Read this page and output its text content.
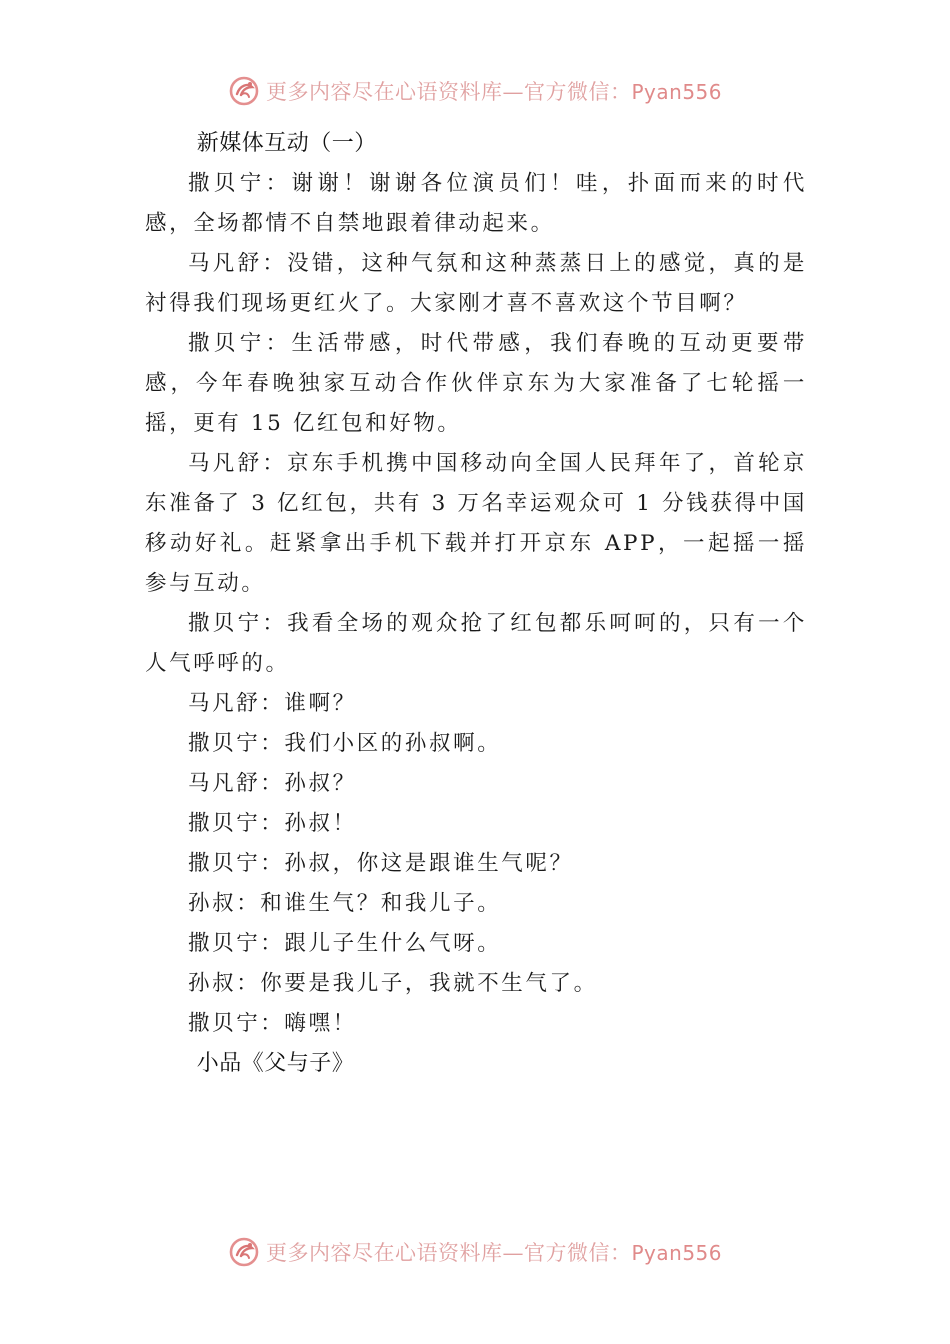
更多内容尽在心语资料库—官方微信：Pyan556

新媒体互动（一）

撒贝宁：谢谢！谢谢各位演员们！哇，扑面而来的时代感，全场都情不自禁地跟着律动起来。

马凡舒：没错，这种气氛和这种蒸蒸日上的感觉，真的是衬得我们现场更红火了。大家刚才喜不喜欢这个节目啊？

撒贝宁：生活带感，时代带感，我们春晚的互动更要带感，今年春晚独家互动合作伙伴京东为大家准备了七轮摇一摇，更有 15 亿红包和好物。

马凡舒：京东手机携中国移动向全国人民拜年了，首轮京东准备了 3 亿红包，共有 3 万名幸运观众可 1 分钱获得中国移动好礼。赶紧拿出手机下载并打开京东 APP，一起摇一摇参与互动。

撒贝宁：我看全场的观众抢了红包都乐呵呵的，只有一个人气呼呼的。

马凡舒：谁啊？

撒贝宁：我们小区的孙叔啊。

马凡舒：孙叔？

撒贝宁：孙叔！

撒贝宁：孙叔，你这是跟谁生气呢？

孙叔：和谁生气？和我儿子。

撒贝宁：跟儿子生什么气呀。

孙叔：你要是我儿子，我就不生气了。

撒贝宁：嗨嘿！

小品《父与子》

更多内容尽在心语资料库—官方微信：Pyan556
